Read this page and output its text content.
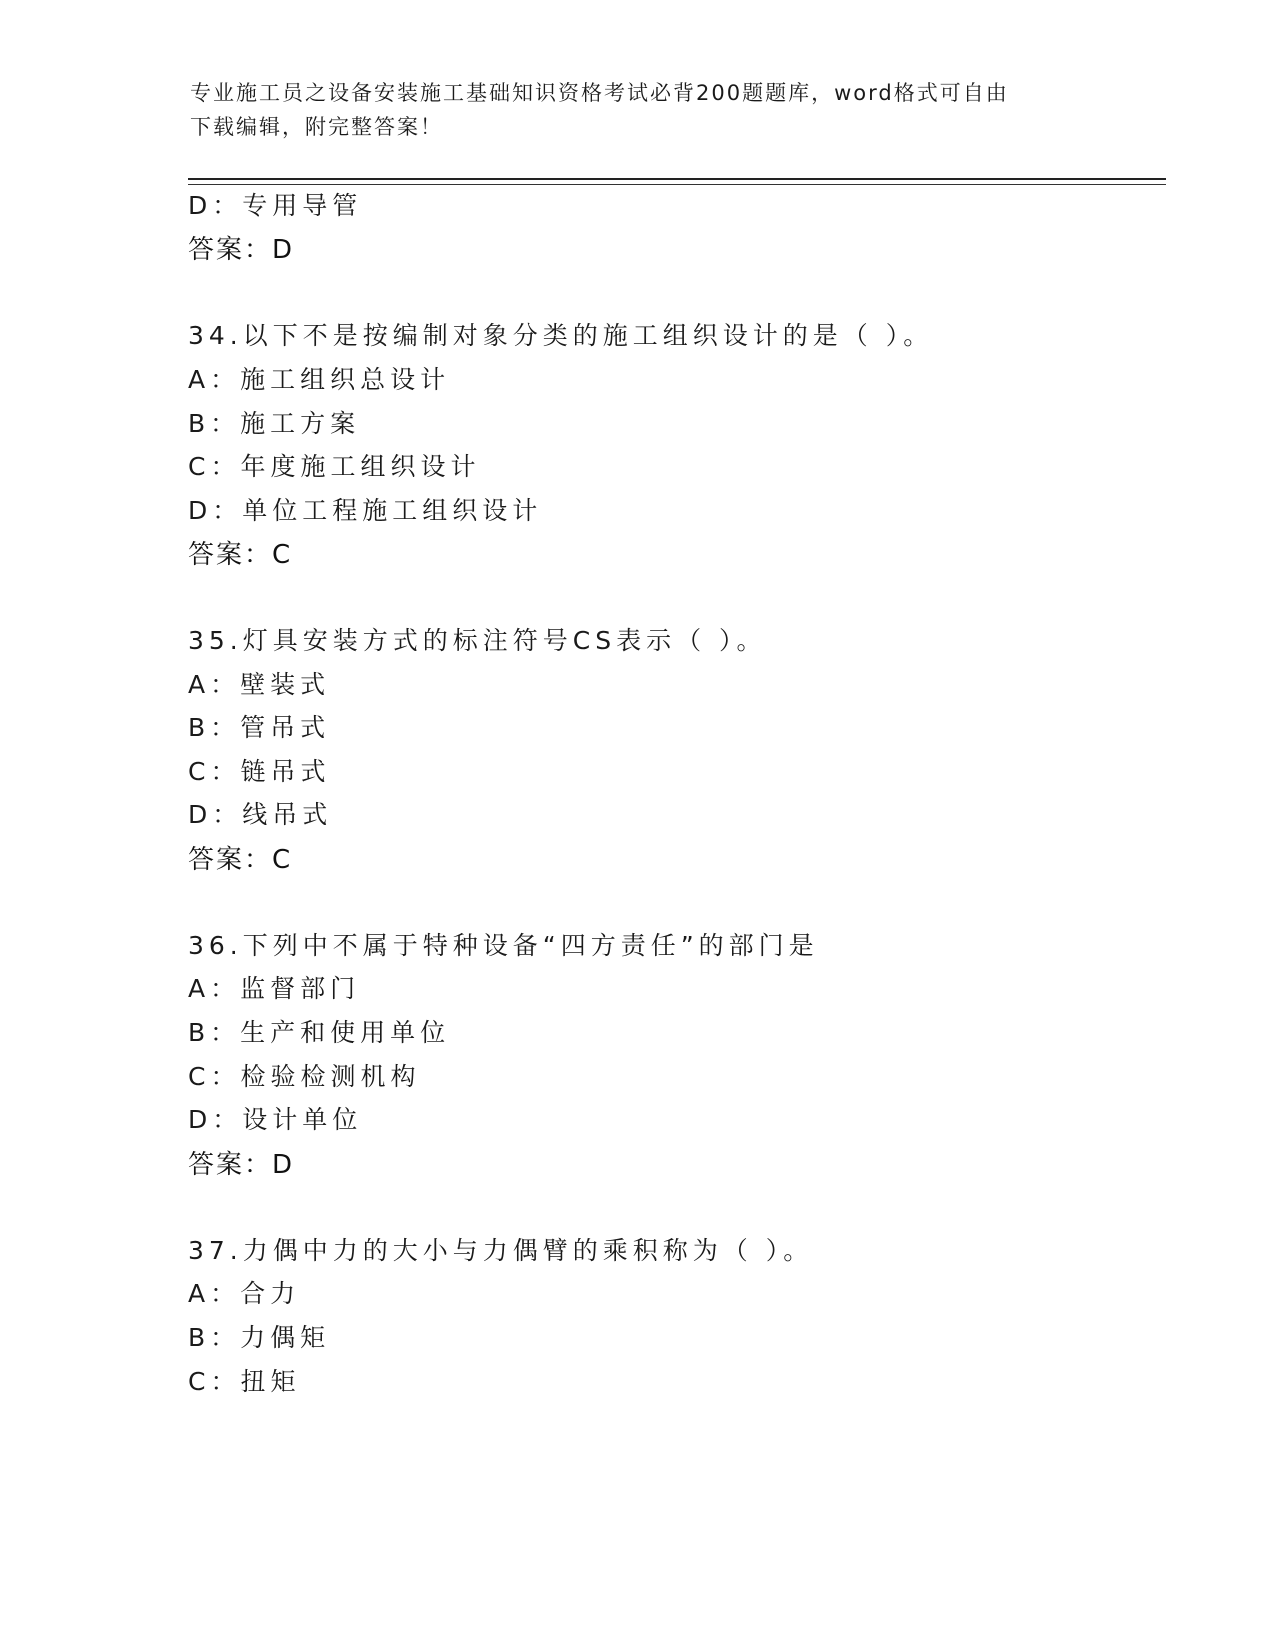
专业施工员之设备安装施工基础知识资格考试必背200题题库，word格式可自由
下载编辑，附完整答案！
D：专用导管
答案：D
34.以下不是按编制对象分类的施工组织设计的是（ ）。
A：施工组织总设计
B：施工方案
C：年度施工组织设计
D：单位工程施工组织设计
答案：C
35.灯具安装方式的标注符号CS表示（ ）。
A：壁装式
B：管吊式
C：链吊式
D：线吊式
答案：C
36.下列中不属于特种设备“四方责任”的部门是
A：监督部门
B：生产和使用单位
C：检验检测机构
D：设计单位
答案：D
37.力偶中力的大小与力偶臂的乘积称为（ ）。
A：合力
B：力偶矩
C：扭矩
